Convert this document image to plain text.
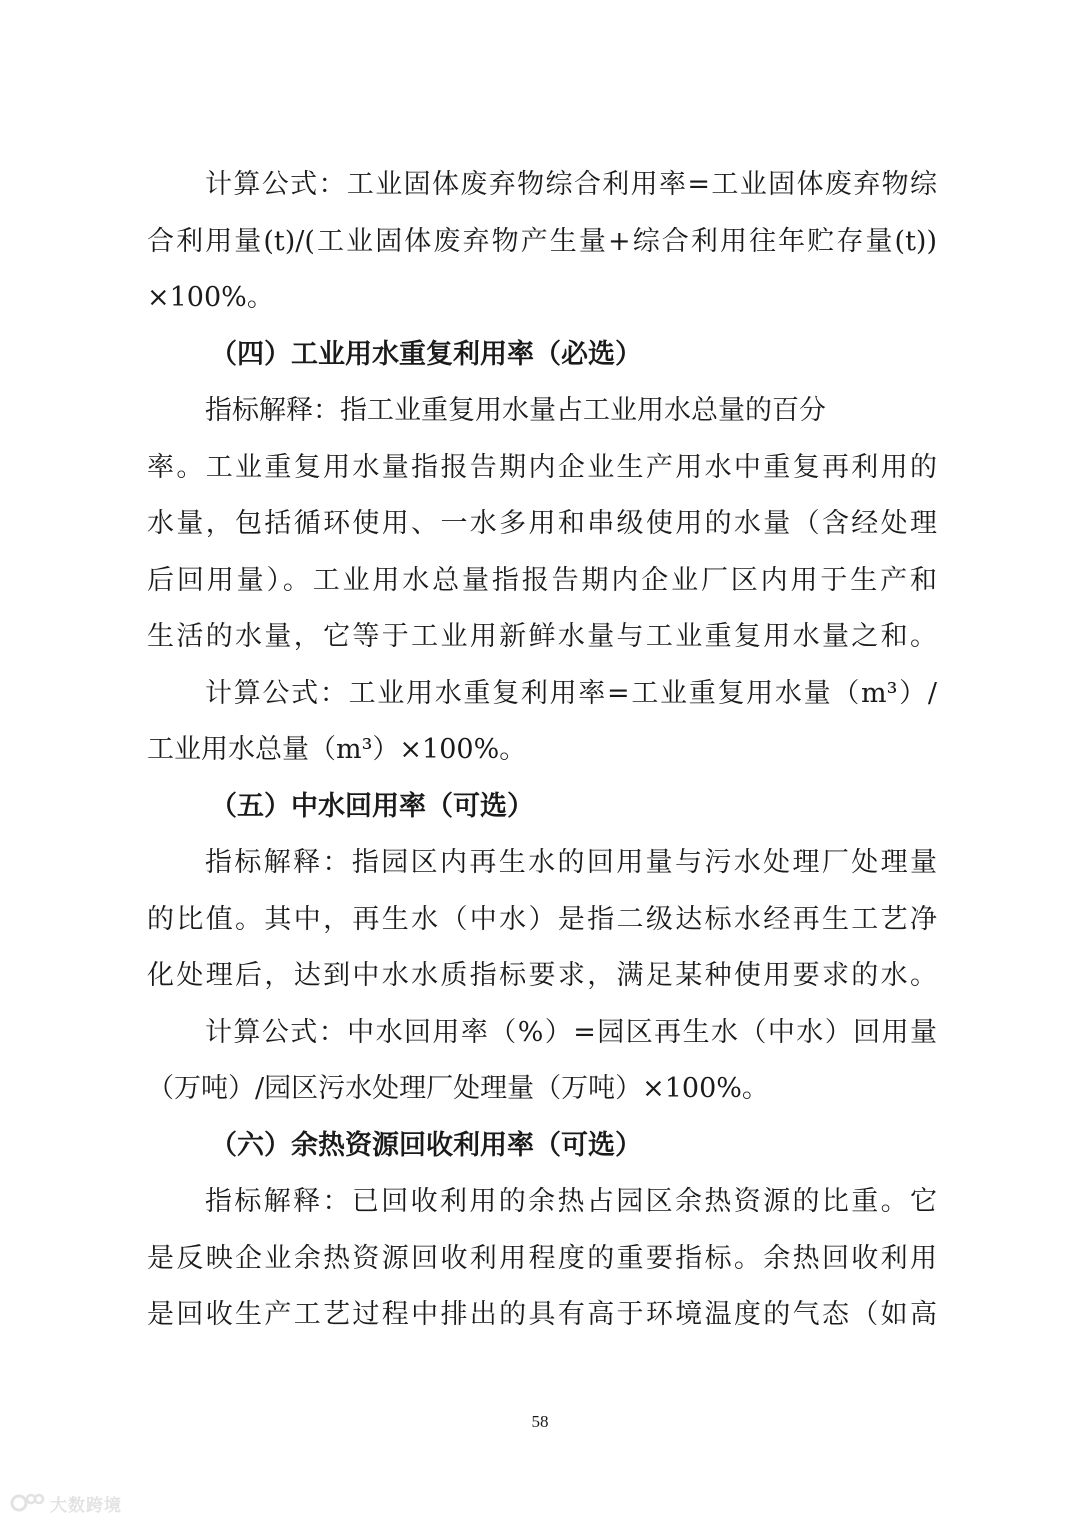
计算公式：工业固体废弃物综合利用率=工业固体废弃物综
合利用量(t)/(工业固体废弃物产生量+综合利用往年贮存量(t))
×100%。
（四）工业用水重复利用率（必选）
指标解释：指工业重复用水量占工业用水总量的百分
率。工业重复用水量指报告期内企业生产用水中重复再利用的
水量，包括循环使用、一水多用和串级使用的水量（含经处理
后回用量）。工业用水总量指报告期内企业厂区内用于生产和
生活的水量，它等于工业用新鲜水量与工业重复用水量之和。
计算公式：工业用水重复利用率=工业重复用水量（m³）/
工业用水总量（m³）×100%。
（五）中水回用率（可选）
指标解释：指园区内再生水的回用量与污水处理厂处理量
的比值。其中，再生水（中水）是指二级达标水经再生工艺净
化处理后，达到中水水质指标要求，满足某种使用要求的水。
计算公式：中水回用率（%）=园区再生水（中水）回用量
（万吨）/园区污水处理厂处理量（万吨）×100%。
（六）余热资源回收利用率（可选）
指标解释：已回收利用的余热占园区余热资源的比重。它
是反映企业余热资源回收利用程度的重要指标。余热回收利用
是回收生产工艺过程中排出的具有高于环境温度的气态（如高
58
大数跨境
